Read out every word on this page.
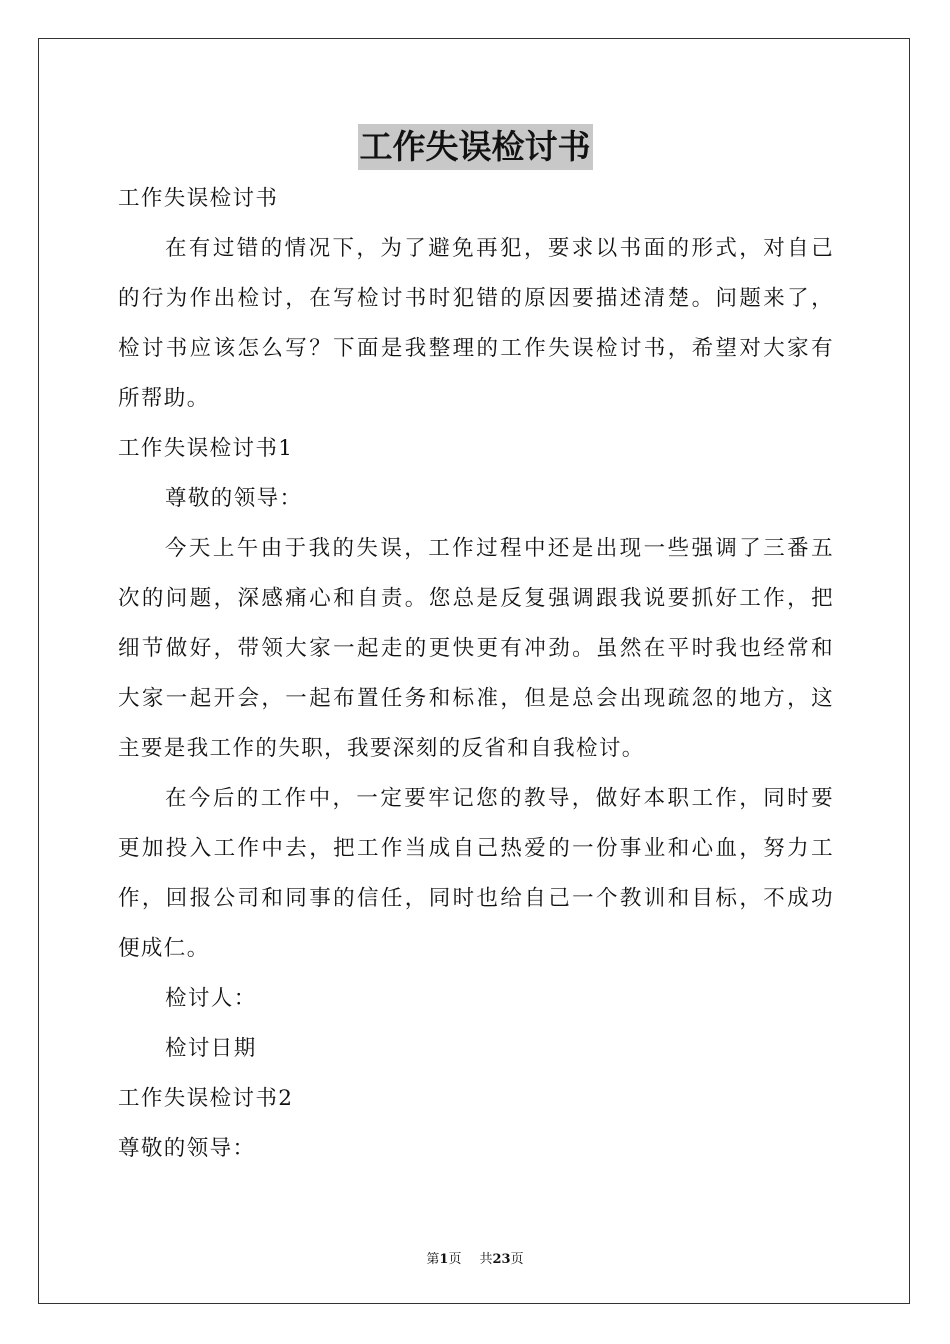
工作失误检讨书
工作失误检讨书
在有过错的情况下，为了避免再犯，要求以书面的形式，对自己
的行为作出检讨，在写检讨书时犯错的原因要描述清楚。问题来了，
检讨书应该怎么写？下面是我整理的工作失误检讨书，希望对大家有
所帮助。
工作失误检讨书1
尊敬的领导：
今天上午由于我的失误，工作过程中还是出现一些强调了三番五
次的问题，深感痛心和自责。您总是反复强调跟我说要抓好工作，把
细节做好，带领大家一起走的更快更有冲劲。虽然在平时我也经常和
大家一起开会，一起布置任务和标准，但是总会出现疏忽的地方，这
主要是我工作的失职，我要深刻的反省和自我检讨。
在今后的工作中，一定要牢记您的教导，做好本职工作，同时要
更加投入工作中去，把工作当成自己热爱的一份事业和心血，努力工
作，回报公司和同事的信任，同时也给自己一个教训和目标，不成功
便成仁。
检讨人：
检讨日期
工作失误检讨书2
尊敬的领导：
第1页 共23页
